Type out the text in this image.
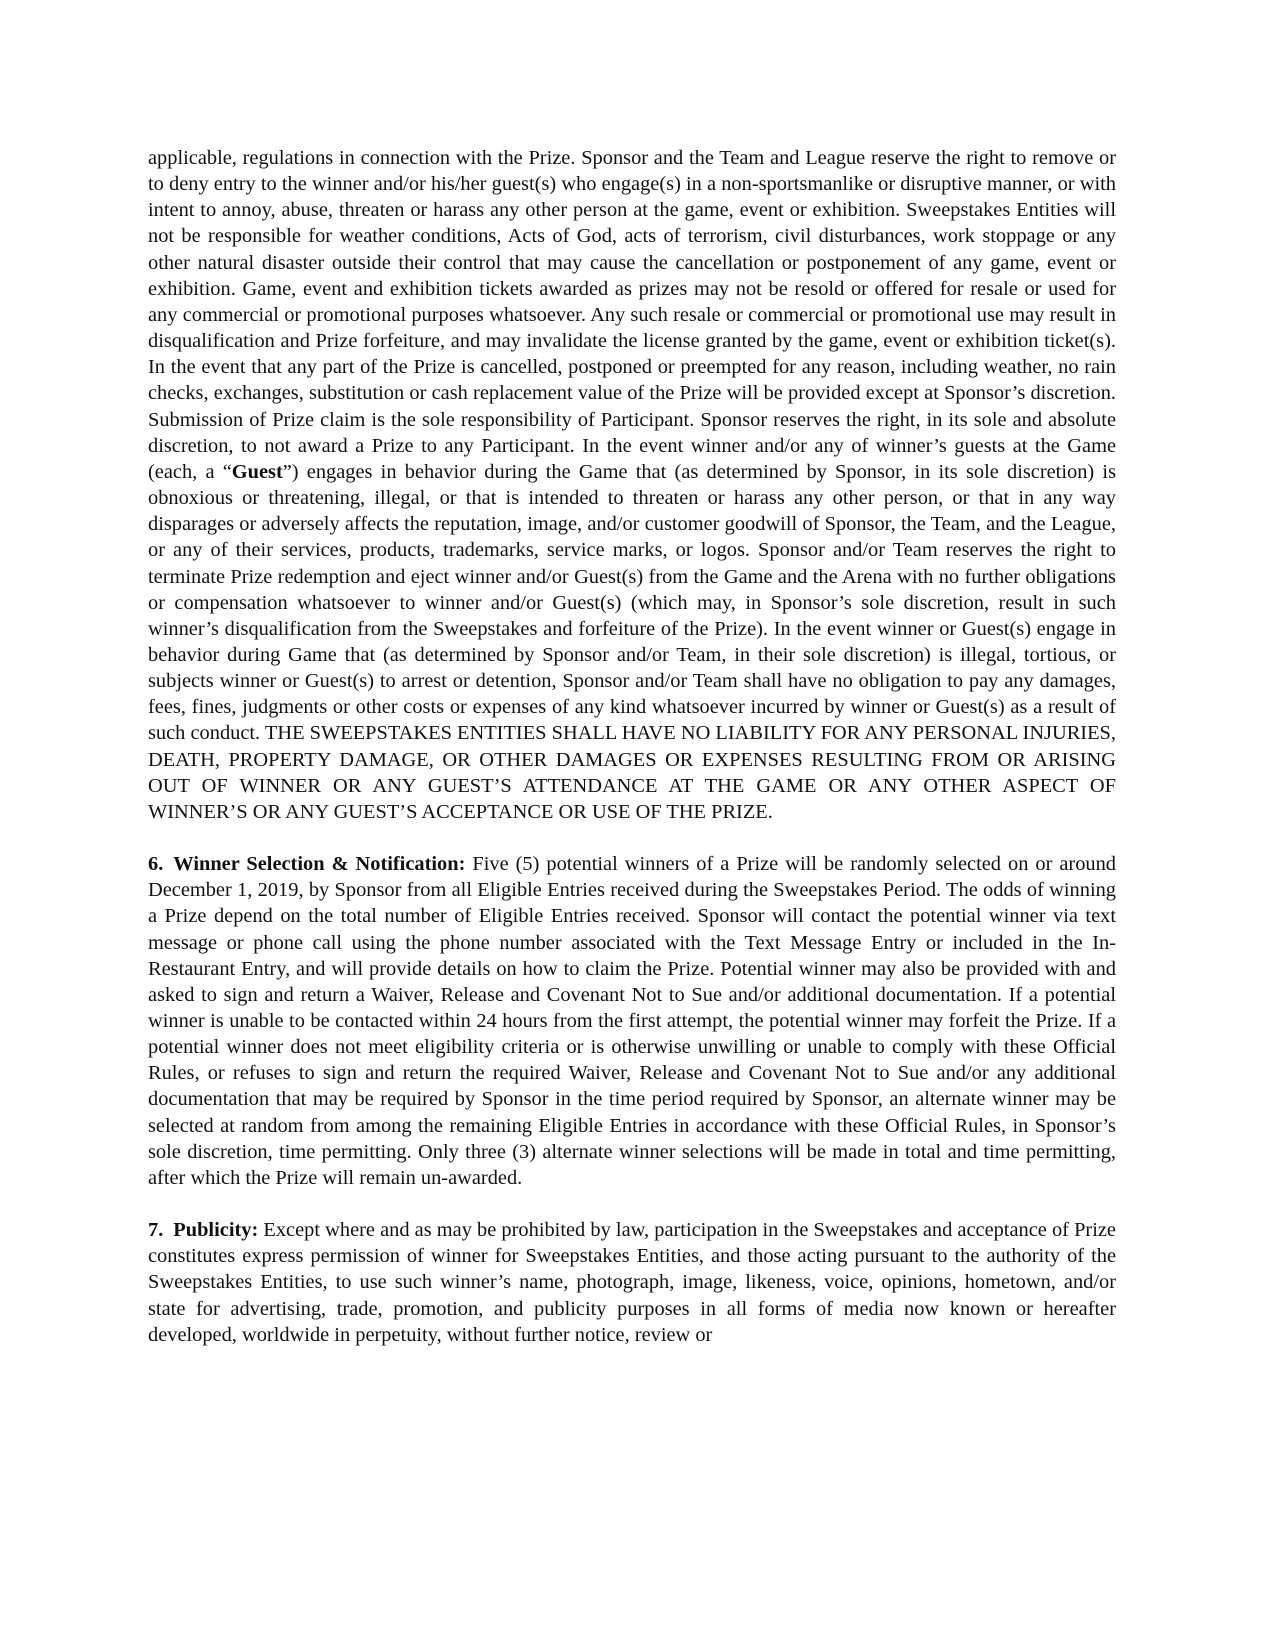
applicable, regulations in connection with the Prize. Sponsor and the Team and League reserve the right to remove or to deny entry to the winner and/or his/her guest(s) who engage(s) in a non-sportsmanlike or disruptive manner, or with intent to annoy, abuse, threaten or harass any other person at the game, event or exhibition. Sweepstakes Entities will not be responsible for weather conditions, Acts of God, acts of terrorism, civil disturbances, work stoppage or any other natural disaster outside their control that may cause the cancellation or postponement of any game, event or exhibition. Game, event and exhibition tickets awarded as prizes may not be resold or offered for resale or used for any commercial or promotional purposes whatsoever. Any such resale or commercial or promotional use may result in disqualification and Prize forfeiture, and may invalidate the license granted by the game, event or exhibition ticket(s). In the event that any part of the Prize is cancelled, postponed or preempted for any reason, including weather, no rain checks, exchanges, substitution or cash replacement value of the Prize will be provided except at Sponsor’s discretion. Submission of Prize claim is the sole responsibility of Participant. Sponsor reserves the right, in its sole and absolute discretion, to not award a Prize to any Participant. In the event winner and/or any of winner’s guests at the Game (each, a “Guest”) engages in behavior during the Game that (as determined by Sponsor, in its sole discretion) is obnoxious or threatening, illegal, or that is intended to threaten or harass any other person, or that in any way disparages or adversely affects the reputation, image, and/or customer goodwill of Sponsor, the Team, and the League, or any of their services, products, trademarks, service marks, or logos. Sponsor and/or Team reserves the right to terminate Prize redemption and eject winner and/or Guest(s) from the Game and the Arena with no further obligations or compensation whatsoever to winner and/or Guest(s) (which may, in Sponsor’s sole discretion, result in such winner’s disqualification from the Sweepstakes and forfeiture of the Prize). In the event winner or Guest(s) engage in behavior during Game that (as determined by Sponsor and/or Team, in their sole discretion) is illegal, tortious, or subjects winner or Guest(s) to arrest or detention, Sponsor and/or Team shall have no obligation to pay any damages, fees, fines, judgments or other costs or expenses of any kind whatsoever incurred by winner or Guest(s) as a result of such conduct. THE SWEEPSTAKES ENTITIES SHALL HAVE NO LIABILITY FOR ANY PERSONAL INJURIES, DEATH, PROPERTY DAMAGE, OR OTHER DAMAGES OR EXPENSES RESULTING FROM OR ARISING OUT OF WINNER OR ANY GUEST’S ATTENDANCE AT THE GAME OR ANY OTHER ASPECT OF WINNER’S OR ANY GUEST’S ACCEPTANCE OR USE OF THE PRIZE.

6. Winner Selection & Notification: Five (5) potential winners of a Prize will be randomly selected on or around December 1, 2019, by Sponsor from all Eligible Entries received during the Sweepstakes Period. The odds of winning a Prize depend on the total number of Eligible Entries received. Sponsor will contact the potential winner via text message or phone call using the phone number associated with the Text Message Entry or included in the In-Restaurant Entry, and will provide details on how to claim the Prize. Potential winner may also be provided with and asked to sign and return a Waiver, Release and Covenant Not to Sue and/or additional documentation. If a potential winner is unable to be contacted within 24 hours from the first attempt, the potential winner may forfeit the Prize. If a potential winner does not meet eligibility criteria or is otherwise unwilling or unable to comply with these Official Rules, or refuses to sign and return the required Waiver, Release and Covenant Not to Sue and/or any additional documentation that may be required by Sponsor in the time period required by Sponsor, an alternate winner may be selected at random from among the remaining Eligible Entries in accordance with these Official Rules, in Sponsor’s sole discretion, time permitting. Only three (3) alternate winner selections will be made in total and time permitting, after which the Prize will remain un-awarded.

7. Publicity: Except where and as may be prohibited by law, participation in the Sweepstakes and acceptance of Prize constitutes express permission of winner for Sweepstakes Entities, and those acting pursuant to the authority of the Sweepstakes Entities, to use such winner’s name, photograph, image, likeness, voice, opinions, hometown, and/or state for advertising, trade, promotion, and publicity purposes in all forms of media now known or hereafter developed, worldwide in perpetuity, without further notice, review or
